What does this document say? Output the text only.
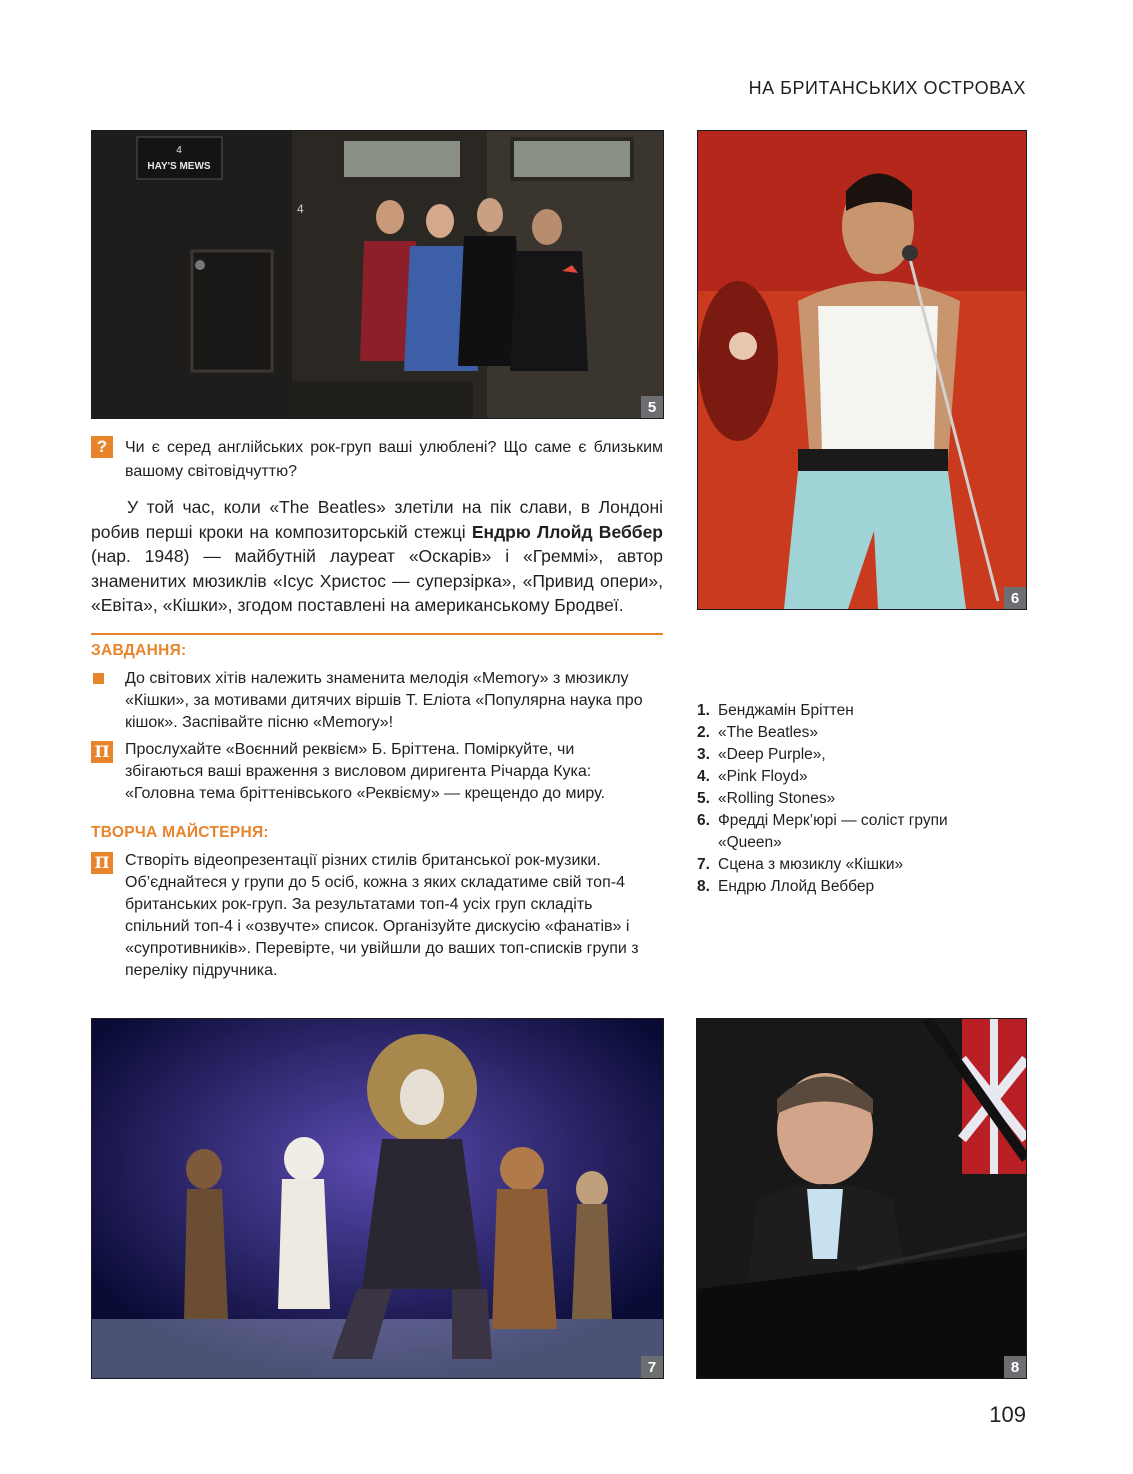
НА БРИТАНСЬКИХ ОСТРОВАХ
4
HAY'S MEWS
4
5
6
?	Чи є серед англійських рок-груп ваші улюблені? Що саме є близьким вашому світовідчуттю?
У той час, коли «The Beatles» злетіли на пік слави, в Лондоні робив перші кроки на композиторській стежці Ендрю Ллойд Веббер (нар. 1948) — майбутній лауреат «Оскарів» і «Греммі», автор знаменитих мюзиклів «Ісус Христос — суперзірка», «Привид опери», «Евіта», «Кішки», згодом поставлені на американському Бродвеї.
ЗАВДАННЯ:
До світових хітів належить знаменита мелодія «Memory» з мюзиклу «Кішки», за мотивами дитячих віршів Т. Еліота «Популярна наука про кішок». Заспівайте пісню «Memory»!
П Прослухайте «Воєнний реквієм» Б. Бріттена. Поміркуйте, чи збігаються ваші враження з висловом диригента Річарда Кука: «Головна тема бріттенівського «Реквієму» — крещендо до миру.
ТВОРЧА МАЙСТЕРНЯ:
П Створіть відеопрезентації різних стилів британської рок-музики. Об’єднайтеся у групи до 5 осіб, кожна з яких складатиме свій топ-4 британських рок-груп. За результатами топ-4 усіх груп складіть спільний топ-4 і «озвучте» список. Організуйте дискусію «фанатів» і «супротивників». Перевірте, чи увійшли до ваших топ-списків групи з переліку підручника.
1. Бенджамін Бріттен
2. «The Beatles»
3. «Deep Purple»,
4. «Pink Floyd»
5. «Rolling Stones»
6. Фредді Мерк’юрі — соліст групи «Queen»
7. Сцена з мюзиклу «Кішки»
8. Ендрю Ллойд Веббер
7	8
109
